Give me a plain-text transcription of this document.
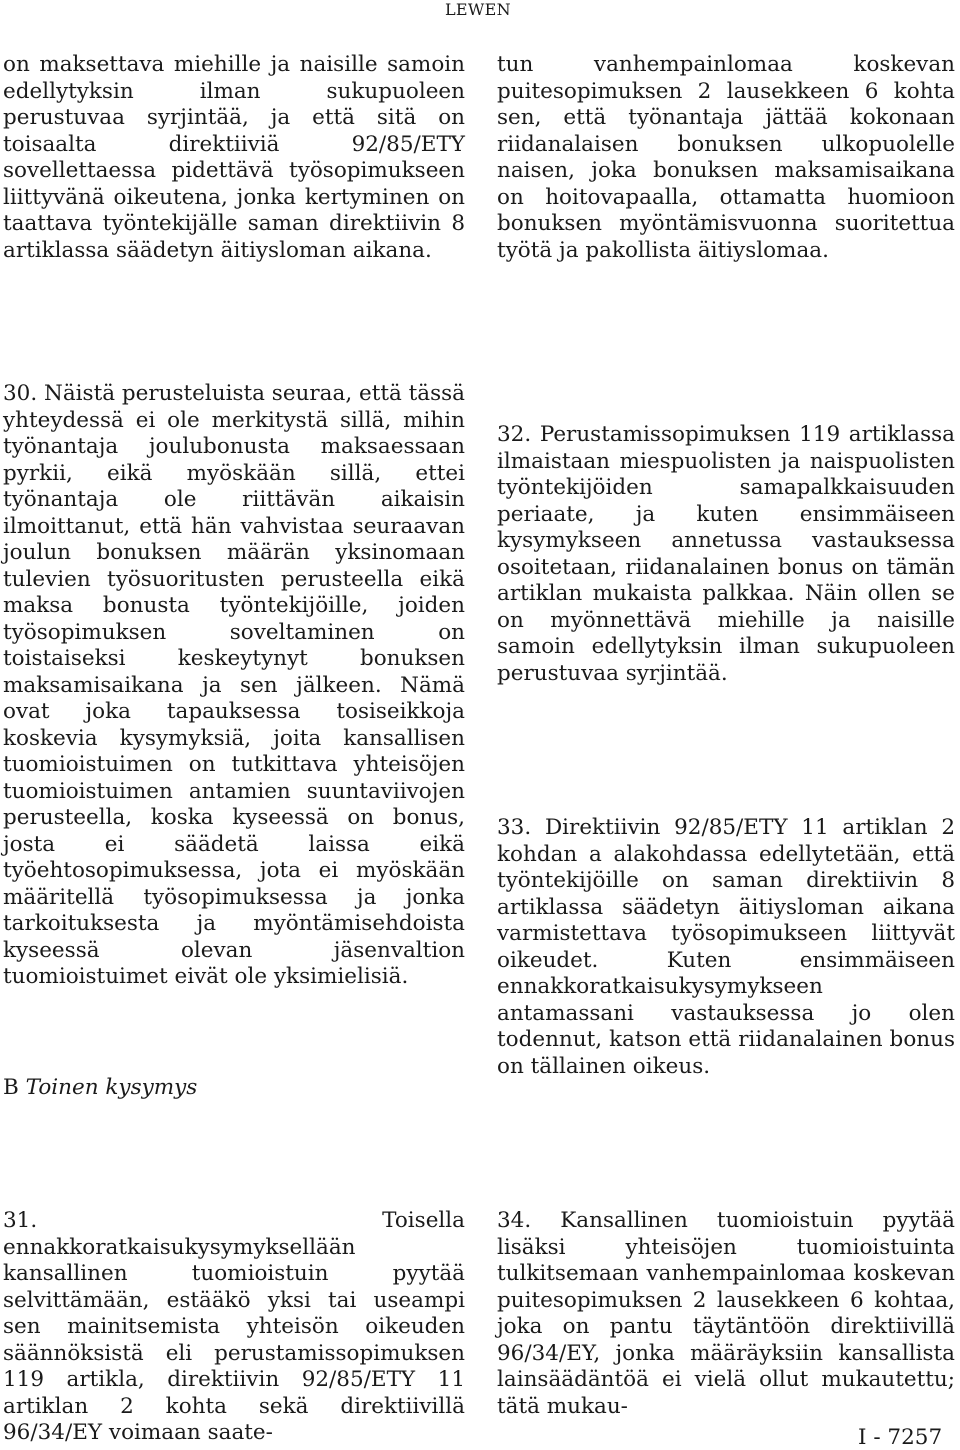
LEWEN

on maksettava miehille ja naisille samoin edellytyksin ilman sukupuoleen perustuvaa syrjintää, ja että sitä on toisaalta direktiiviä 92/85/ETY sovellettaessa pidettävä työsopimukseen liittyvänä oikeutena, jonka kertyminen on taattava työntekijälle saman direktiivin 8 artiklassa säädetyn äitiysloman aikana.

30. Näistä perusteluista seuraa, että tässä yhteydessä ei ole merkitystä sillä, mihin työnantaja joulubonusta maksaessaan pyrkii, eikä myöskään sillä, ettei työnantaja ole riittävän aikaisin ilmoittanut, että hän vahvistaa seuraavan joulun bonuksen määrän yksinomaan tulevien työsuoritusten perusteella eikä maksa bonusta työntekijöille, joiden työsopimuksen soveltaminen on toistaiseksi keskeytynyt bonuksen maksamisaikana ja sen jälkeen. Nämä ovat joka tapauksessa tosiseikkoja koskevia kysymyksiä, joita kansallisen tuomioistuimen on tutkittava yhteisöjen tuomioistuimen antamien suuntaviivojen perusteella, koska kyseessä on bonus, josta ei säädetä laissa eikä työehtosopimuksessa, jota ei myöskään määritellä työsopimuksessa ja jonka tarkoituksesta ja myöntämisehdoista kyseessä olevan jäsenvaltion tuomioistuimet eivät ole yksimielisiä.

B Toinen kysymys

31. Toisella ennakkoratkaisukysymyksellään kansallinen tuomioistuin pyytää selvittämään, estääkö yksi tai useampi sen mainitsemista yhteisön oikeuden säännöksistä eli perustamissopimuksen 119 artikla, direktiivin 92/85/ETY 11 artiklan 2 kohta sekä direktiivillä 96/34/EY voimaan saate-

tun vanhempainlomaa koskevan puitesopimuksen 2 lausekkeen 6 kohta sen, että työnantaja jättää kokonaan riidanalaisen bonuksen ulkopuolelle naisen, joka bonuksen maksamisaikana on hoitovapaalla, ottamatta huomioon bonuksen myöntämisvuonna suoritettua työtä ja pakollista äitiyslomaa.

32. Perustamissopimuksen 119 artiklassa ilmaistaan miespuolisten ja naispuolisten työntekijöiden samapalkkaisuuden periaate, ja kuten ensimmäiseen kysymykseen annetussa vastauksessa osoitetaan, riidanalainen bonus on tämän artiklan mukaista palkkaa. Näin ollen se on myönnettävä miehille ja naisille samoin edellytyksin ilman sukupuoleen perustuvaa syrjintää.

33. Direktiivin 92/85/ETY 11 artiklan 2 kohdan a alakohdassa edellytetään, että työntekijöille on saman direktiivin 8 artiklassa säädetyn äitiysloman aikana varmistettava työsopimukseen liittyvät oikeudet. Kuten ensimmäiseen ennakkoratkaisukysymykseen antamassani vastauksessa jo olen todennut, katson että riidanalainen bonus on tällainen oikeus.

34. Kansallinen tuomioistuin pyytää lisäksi yhteisöjen tuomioistuinta tulkitsemaan vanhempainlomaa koskevan puitesopimuksen 2 lausekkeen 6 kohtaa, joka on pantu täytäntöön direktiivillä 96/34/EY, jonka määräyksiin kansallista lainsäädäntöä ei vielä ollut mukautettu; tätä mukau-

I - 7257
